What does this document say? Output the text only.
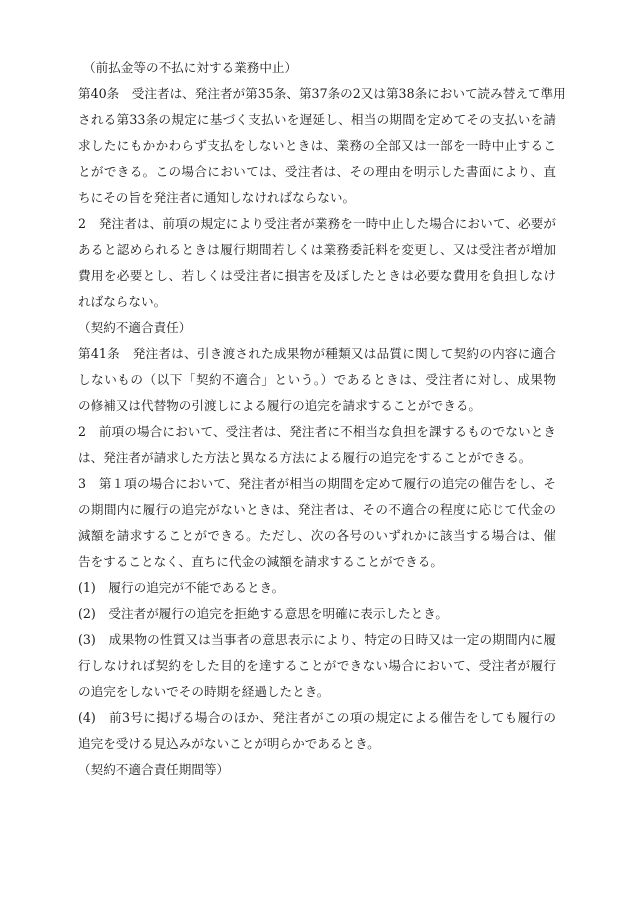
（前払金等の不払に対する業務中止）
第40条　受注者は、発注者が第35条、第37条の2又は第38条において読み替えて準用
される第33条の規定に基づく支払いを遅延し、相当の期間を定めてその支払いを請
求したにもかかわらず支払をしないときは、業務の全部又は一部を一時中止するこ
とができる。この場合においては、受注者は、その理由を明示した書面により、直
ちにその旨を発注者に通知しなければならない。
2　発注者は、前項の規定により受注者が業務を一時中止した場合において、必要が
あると認められるときは履行期間若しくは業務委託料を変更し、又は受注者が増加
費用を必要とし、若しくは受注者に損害を及ぼしたときは必要な費用を負担しなけ
ればならない。
（契約不適合責任）
第41条　発注者は、引き渡された成果物が種類又は品質に関して契約の内容に適合
しないもの（以下「契約不適合」という。）であるときは、受注者に対し、成果物
の修補又は代替物の引渡しによる履行の追完を請求することができる。
2　前項の場合において、受注者は、発注者に不相当な負担を課するものでないとき
は、発注者が請求した方法と異なる方法による履行の追完をすることができる。
3　第１項の場合において、発注者が相当の期間を定めて履行の追完の催告をし、そ
の期間内に履行の追完がないときは、発注者は、その不適合の程度に応じて代金の
減額を請求することができる。ただし、次の各号のいずれかに該当する場合は、催
告をすることなく、直ちに代金の減額を請求することができる。
(1)　履行の追完が不能であるとき。
(2)　受注者が履行の追完を拒絶する意思を明確に表示したとき。
(3)　成果物の性質又は当事者の意思表示により、特定の日時又は一定の期間内に履
行しなければ契約をした目的を達することができない場合において、受注者が履行
の追完をしないでその時期を経過したとき。
(4)　前3号に掲げる場合のほか、発注者がこの項の規定による催告をしても履行の
追完を受ける見込みがないことが明らかであるとき。
（契約不適合責任期間等）
